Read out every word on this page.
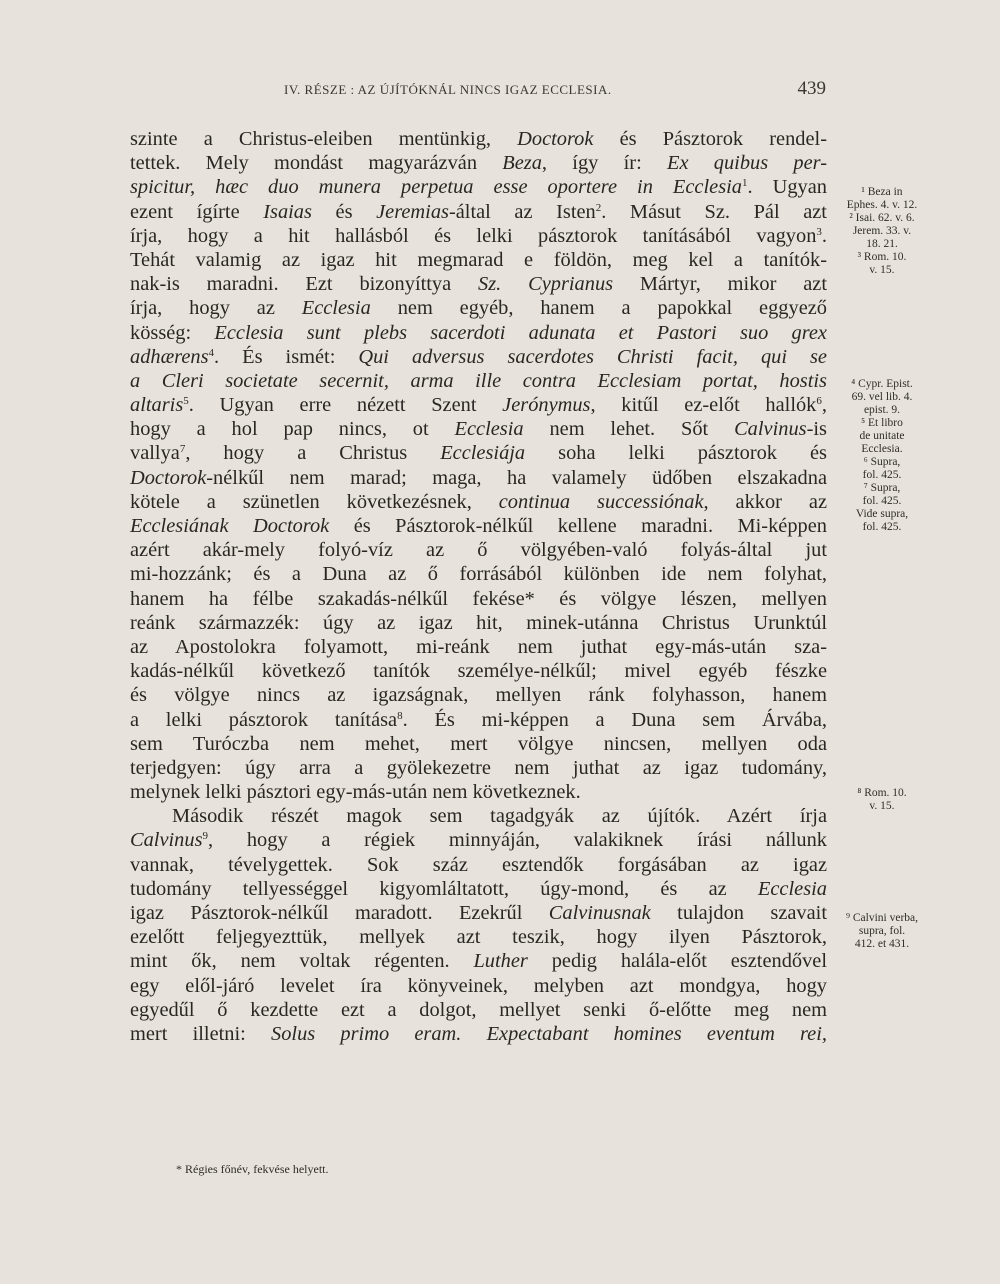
IV. RÉSZE : AZ ÚJÍTÓKNÁL NINCS IGAZ ECCLESIA.	439
szinte a Christus-eleiben mentünkig, Doctorok és Pásztorok rendel-
tettek. Mely mondást magyarázván Beza, így ír: Ex quibus per-
spicitur, hæc duo munera perpetua esse oportere in Ecclesia$^1$. Ugyan
ezent ígírte Isaias és Jeremias-által az Isten$^2$. Másut Sz. Pál azt
írja, hogy a hit hallásból és lelki pásztorok tanításából vagyon$^3$.
Tehát valamig az igaz hit megmarad e földön, meg kel a tanítók-
nak-is maradni. Ezt bizonyíttya Sz. Cyprianus Mártyr, mikor azt
írja, hogy az Ecclesia nem egyéb, hanem a papokkal eggyező
kösség: Ecclesia sunt plebs sacerdoti adunata et Pastori suo grex
adhærens$^4$. És ismét: Qui adversus sacerdotes Christi facit, qui se
a Cleri societate secernit, arma ille contra Ecclesiam portat, hostis
altaris$^5$. Ugyan erre nézett Szent Jerónymus, kitűl ez-előt hallók$^6$,
hogy a hol pap nincs, ot Ecclesia nem lehet. Sőt Calvinus-is
vallya$^7$, hogy a Christus Ecclesiája soha lelki pásztorok és
Doctorok-nélkűl nem marad; maga, ha valamely üdőben elszakadna
kötele a szünetlen következésnek, continua successiónak, akkor az
Ecclesiának Doctorok és Pásztorok-nélkűl kellene maradni. Mi-képpen
azért akár-mely folyó-víz az ő völgyében-való folyás-által jut
mi-hozzánk; és a Duna az ő forrásából különben ide nem folyhat,
hanem ha félbe szakadás-nélkűl fekése* és völgye lészen, mellyen
reánk származzék: úgy az igaz hit, minek-utánna Christus Urunktúl
az Apostolokra folyamott, mi-reánk nem juthat egy-más-után sza-
kadás-nélkűl következő tanítók személye-nélkűl; mivel egyéb fészke
és völgye nincs az igazságnak, mellyen ránk folyhasson, hanem
a lelki pásztorok tanítása$^8$. És mi-képpen a Duna sem Árvába,
sem Turóczba nem mehet, mert völgye nincsen, mellyen oda
terjedgyen: úgy arra a gyölekezetre nem juthat az igaz tudomány,
melynek lelki pásztori egy-más-után nem következnek.
Második részét magok sem tagadgyák az újítók. Azért írja
Calvinus$^9$, hogy a régiek minnyáján, valakiknek írási nállunk
vannak, tévelygettek. Sok száz esztendők forgásában az igaz
tudomány tellyességgel kigyomláltatott, úgy-mond, és az Ecclesia
igaz Pásztorok-nélkűl maradott. Ezekrűl Calvinusnak tulajdon szavait
ezelőtt feljegyezttük, mellyek azt teszik, hogy ilyen Pásztorok,
mint ők, nem voltak régenten. Luther pedig halála-előt esztendővel
egy elől-járó levelet íra könyveinek, melyben azt mondgya, hogy
egyedűl ő kezdette ezt a dolgot, mellyet senki ő-előtte meg nem
mert illetni: Solus primo eram. Expectabant homines eventum rei,
¹ Beza in
Ephes. 4. v. 12.
² Isai. 62. v. 6.
Jerem. 33. v.
18. 21.
³ Rom. 10.
v. 15.
⁴ Cypr. Epist.
69. vel lib. 4.
epist. 9.
⁵ Et libro
de unitate
Ecclesia.
⁶ Supra,
fol. 425.
⁷ Supra,
fol. 425.
Vide supra,
fol. 425.
⁸ Rom. 10.
v. 15.
⁹ Calvini verba,
supra, fol.
412. et 431.
* Régies főnév, fekvése helyett.
